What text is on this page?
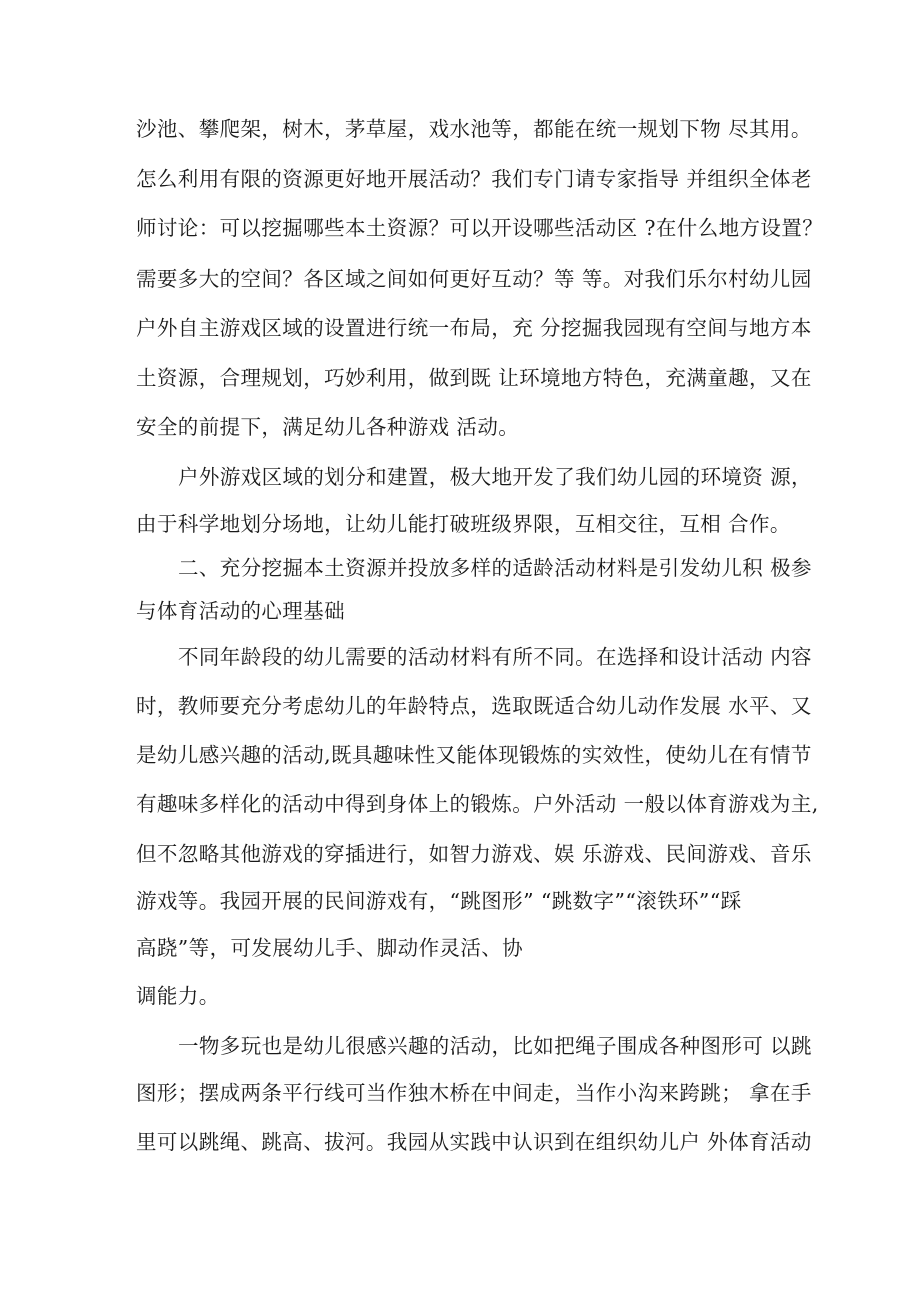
沙池、攀爬架，树木，茅草屋，戏水池等，都能在统一规划下物 尽其用。
怎么利用有限的资源更好地开展活动？我们专门请专家指导 并组织全体老
师讨论：可以挖掘哪些本土资源？可以开设哪些活动区 ?在什么地方设置？
需要多大的空间？各区域之间如何更好互动？等 等。对我们乐尔村幼儿园
户外自主游戏区域的设置进行统一布局，充 分挖掘我园现有空间与地方本
土资源，合理规划，巧妙利用，做到既 让环境地方特色，充满童趣，又在
安全的前提下，满足幼儿各种游戏 活动。
户外游戏区域的划分和建置，极大地开发了我们幼儿园的环境资 源，
由于科学地划分场地，让幼儿能打破班级界限，互相交往，互相 合作。
二、充分挖掘本土资源并投放多样的适龄活动材料是引发幼儿积 极参
与体育活动的心理基础
不同年龄段的幼儿需要的活动材料有所不同。在选择和设计活动 内容
时，教师要充分考虑幼儿的年龄特点，选取既适合幼儿动作发展 水平、又
是幼儿感兴趣的活动,既具趣味性又能体现锻炼的实效性，使幼儿在有情节
有趣味多样化的活动中得到身体上的锻炼。户外活动 一般以体育游戏为主,
但不忽略其他游戏的穿插进行，如智力游戏、娱 乐游戏、民间游戏、音乐
游戏等。我园开展的民间游戏有，“跳图形” “跳数字”“滚铁环”“踩
高跷”等，可发展幼儿手、脚动作灵活、协
调能力。
一物多玩也是幼儿很感兴趣的活动，比如把绳子围成各种图形可 以跳
图形；摆成两条平行线可当作独木桥在中间走，当作小沟来跨跳； 拿在手
里可以跳绳、跳高、拔河。我园从实践中认识到在组织幼儿户 外体育活动
